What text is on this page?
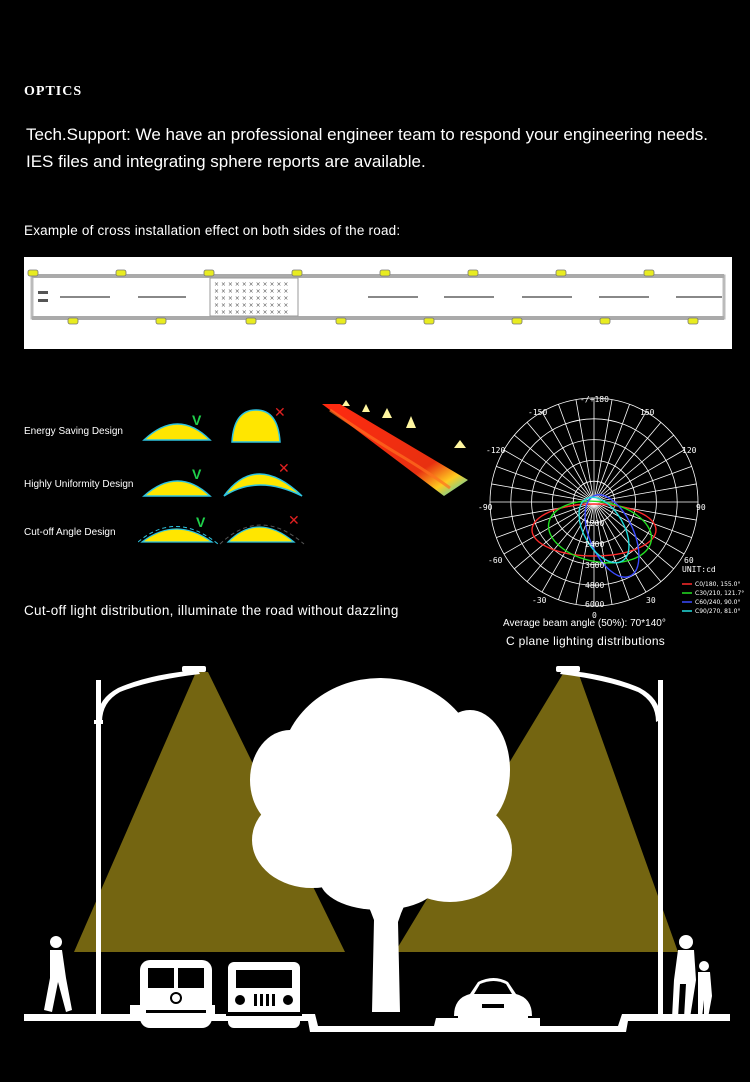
OPTICS
Tech.Support: We have an professional engineer team to respond your engineering needs.
IES files and integrating sphere reports are available.
Example of cross installation effect on both sides of the road:
× × × × × × × × × × ×
× × × × × × × × × × ×
× × × × × × × × × × ×
× × × × × × × × × × ×
× × × × × × × × × × ×
Energy Saving Design
Highly Uniformity Design
Cut-off Angle Design
V	✕
V	✕
V	✕
-/+180
-150	150
-120	120
-90	90
-60	60
-30	30
0
1200
2400
3600
4800
6000
UNIT:cd
C0/180, 155.0°
C30/210, 121.7°
C60/240, 90.0°
C90/270, 81.0°
Cut-off light distribution, illuminate the road without dazzling
Average beam angle (50%): 70*140°
C plane lighting distributions
